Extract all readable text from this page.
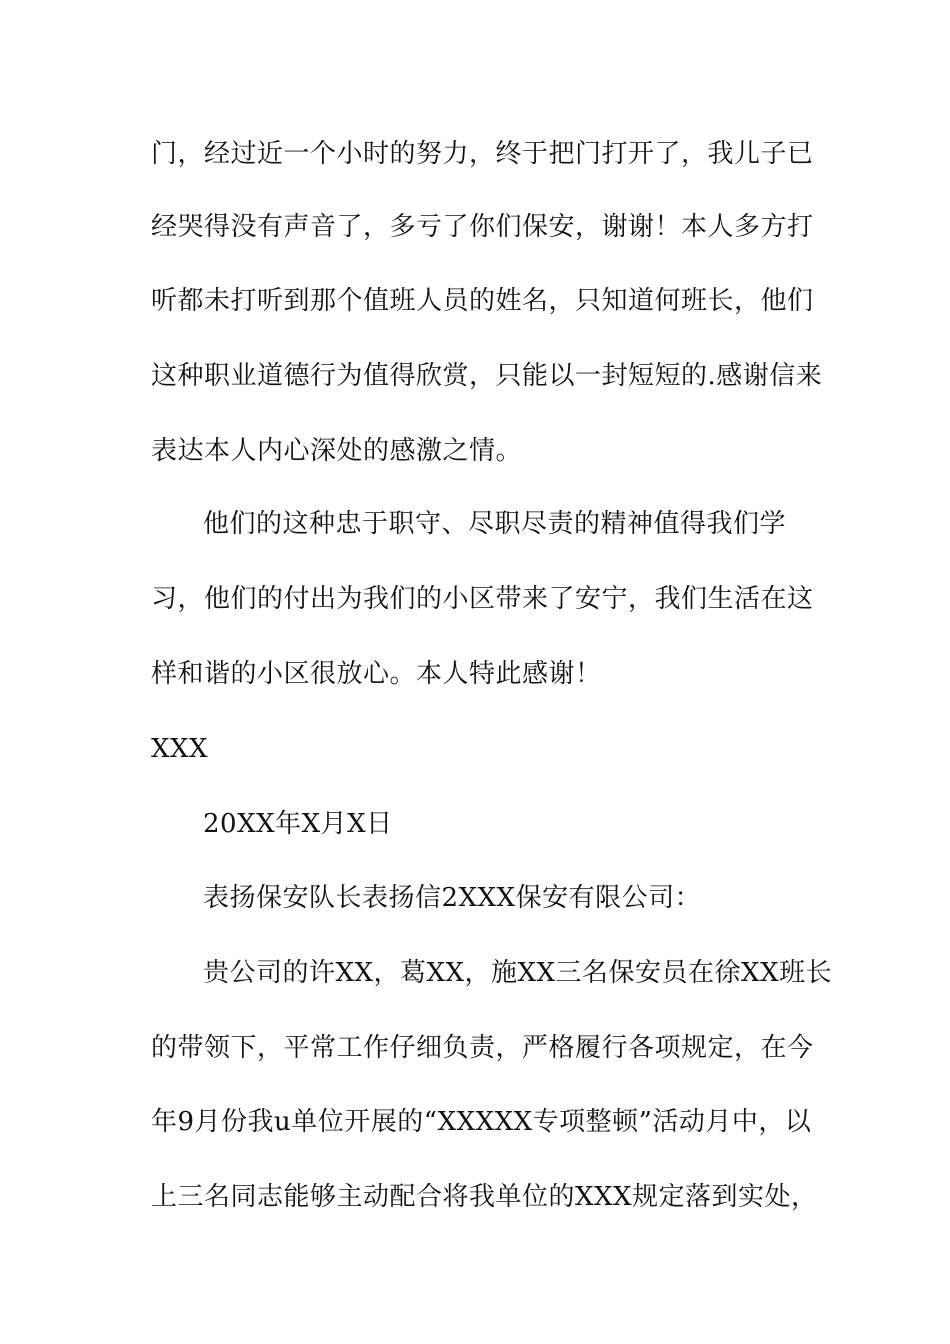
门，经过近一个小时的努力，终于把门打开了，我儿子已
经哭得没有声音了，多亏了你们保安，谢谢！本人多方打
听都未打听到那个值班人员的姓名，只知道何班长，他们
这种职业道德行为值得欣赏，只能以一封短短的.感谢信来
表达本人内心深处的感激之情。
他们的这种忠于职守、尽职尽责的精神值得我们学
习，他们的付出为我们的小区带来了安宁，我们生活在这
样和谐的小区很放心。本人特此感谢！
XXX
20XX年X月X日
表扬保安队长表扬信2XXX保安有限公司：
贵公司的许XX，葛XX，施XX三名保安员在徐XX班长
的带领下，平常工作仔细负责，严格履行各项规定，在今
年9月份我u单位开展的“XXXXX专项整顿”活动月中，以
上三名同志能够主动配合将我单位的XXX规定落到实处，
